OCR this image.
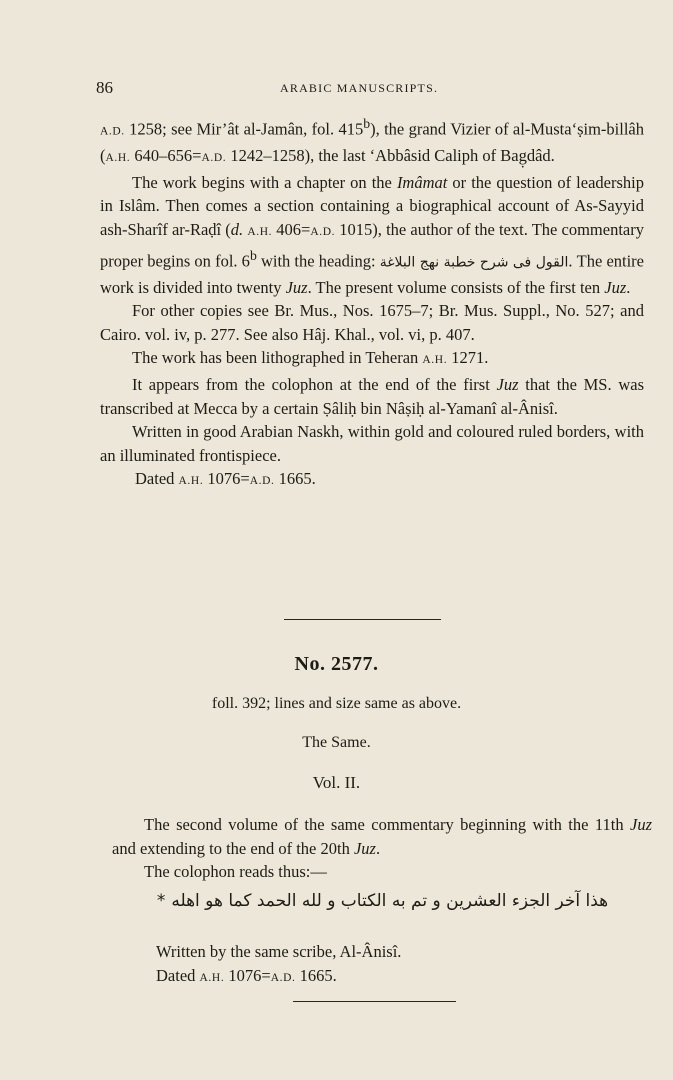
86	ARABIC MANUSCRIPTS.

A.D. 1258; see Mir’ât al-Jamân, fol. 415$^b$), the grand Vizier of al-Musta‘ṣim-billâh (A.H. 640–656=A.D. 1242–1258), the last ‘Abbâsid Caliph of Bag̣dâd.

The work begins with a chapter on the Imâmat or the question of leadership in Islâm. Then comes a section containing a biographical account of As-Sayyid ash-Sharîf ar-Raḍî (d. A.H. 406=A.D. 1015), the author of the text. The commentary proper begins on fol. 6$^b$ with the heading: القول فى شرح خطبة نهج البلاغة. The entire work is divided into twenty Juz. The present volume consists of the first ten Juz.

For other copies see Br. Mus., Nos. 1675–7; Br. Mus. Suppl., No. 527; and Cairo. vol. iv, p. 277. See also Hâj. Khal., vol. vi, p. 407.

The work has been lithographed in Teheran A.H. 1271.

It appears from the colophon at the end of the first Juz that the MS. was transcribed at Mecca by a certain Ṣâliḥ bin Nâṣiḥ al-Yamanî al-Ânisî.

Written in good Arabian Naskh, within gold and coloured ruled borders, with an illuminated frontispiece.

Dated A.H. 1076=A.D. 1665.

No. 2577.
foll. 392; lines and size same as above.
The Same.
Vol. II.

The second volume of the same commentary beginning with the 11th Juz and extending to the end of the 20th Juz.

The colophon reads thus:—

هذا آخر الجزء العشرين و تم به الكتاب و لله الحمد كما هو اهله*

Written by the same scribe, Al-Ânisî.

Dated A.H. 1076=A.D. 1665.
